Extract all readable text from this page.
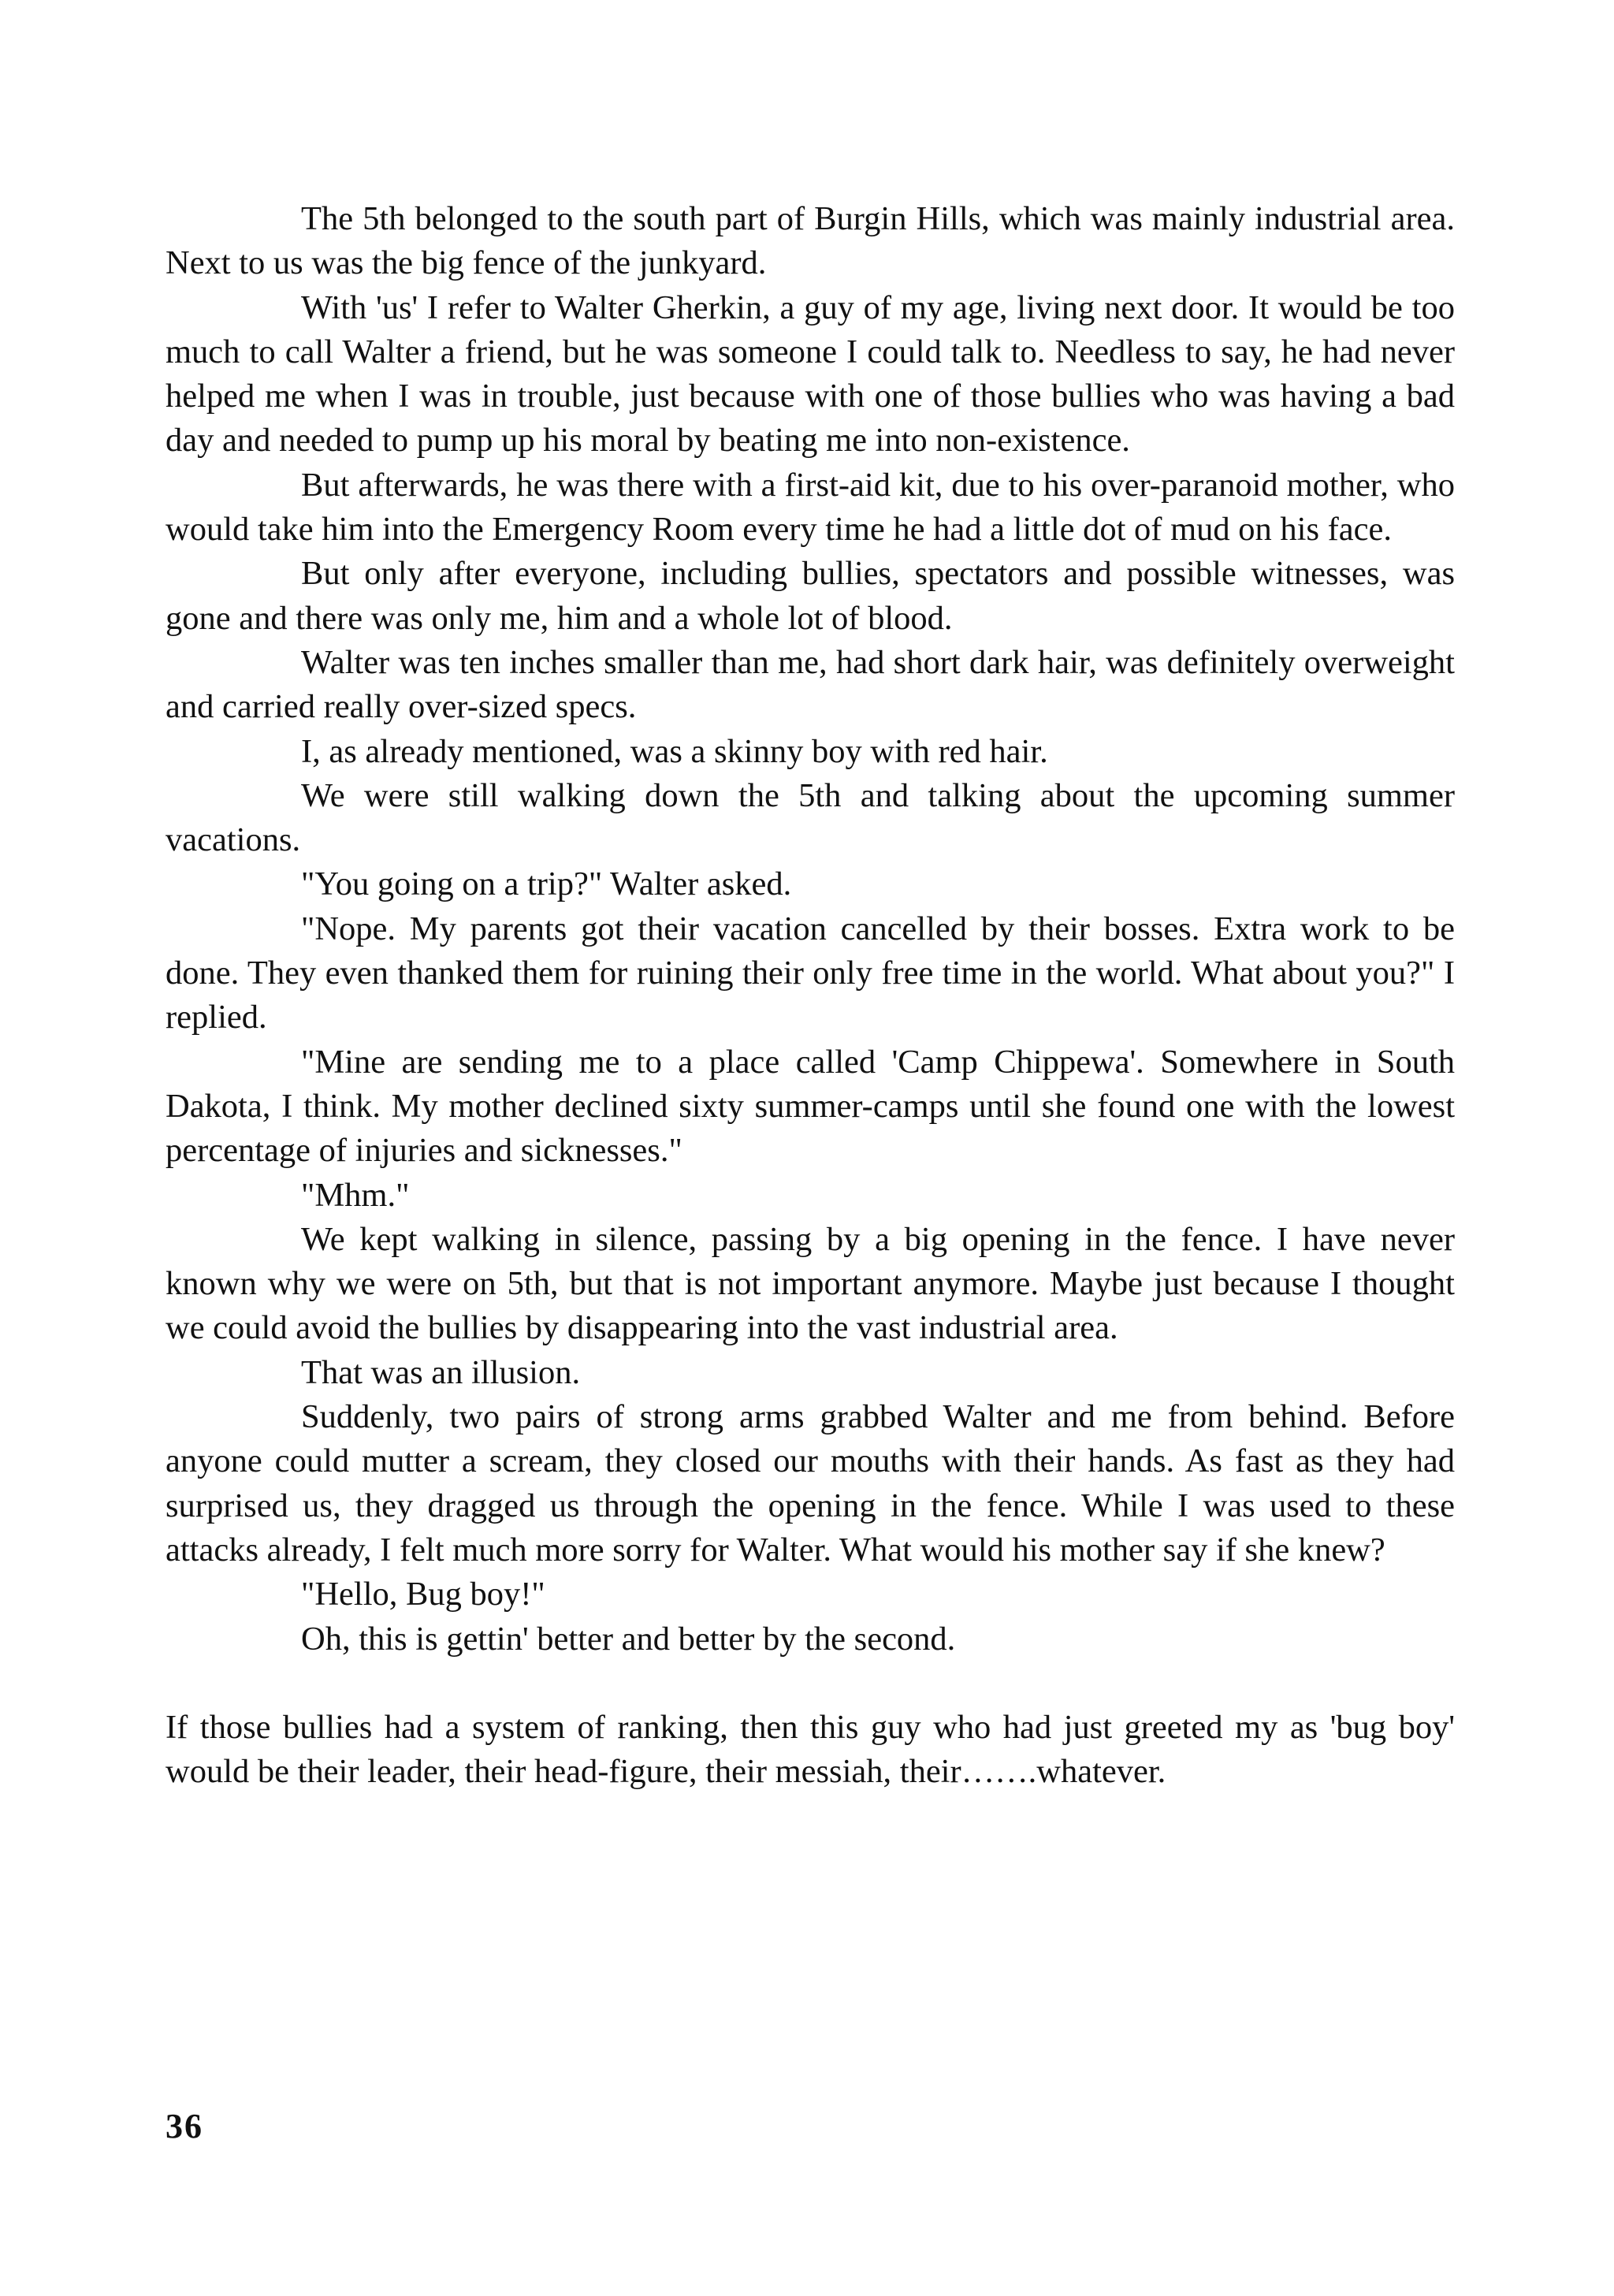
The 5th belonged to the south part of Burgin Hills, which was mainly industrial area. Next to us was the big fence of the junkyard.

With 'us' I refer to Walter Gherkin, a guy of my age, living next door. It would be too much to call Walter a friend, but he was someone I could talk to. Needless to say, he had never helped me when I was in trouble, just because with one of those bullies who was having a bad day and needed to pump up his moral by beating me into non-existence.

But afterwards, he was there with a first-aid kit, due to his over-paranoid mother, who would take him into the Emergency Room every time he had a little dot of mud on his face.

But only after everyone, including bullies, spectators and possible witnesses, was gone and there was only me, him and a whole lot of blood.

Walter was ten inches smaller than me, had short dark hair, was definitely overweight and carried really over-sized specs.

I, as already mentioned, was a skinny boy with red hair.

We were still walking down the 5th and talking about the upcoming summer vacations.

"You going on a trip?" Walter asked.

"Nope. My parents got their vacation cancelled by their bosses. Extra work to be done. They even thanked them for ruining their only free time in the world. What about you?" I replied.

"Mine are sending me to a place called 'Camp Chippewa'. Somewhere in South Dakota, I think. My mother declined sixty summer-camps until she found one with the lowest percentage of injuries and sicknesses."

"Mhm."

We kept walking in silence, passing by a big opening in the fence. I have never known why we were on 5th, but that is not important anymore. Maybe just because I thought we could avoid the bullies by disappearing into the vast industrial area.

That was an illusion.

Suddenly, two pairs of strong arms grabbed Walter and me from behind. Before anyone could mutter a scream, they closed our mouths with their hands. As fast as they had surprised us, they dragged us through the opening in the fence. While I was used to these attacks already, I felt much more sorry for Walter. What would his mother say if she knew?

"Hello, Bug boy!"

Oh, this is gettin' better and better by the second.

If those bullies had a system of ranking, then this guy who had just greeted my as 'bug boy' would be their leader, their head-figure, their messiah, their…….whatever.

36
